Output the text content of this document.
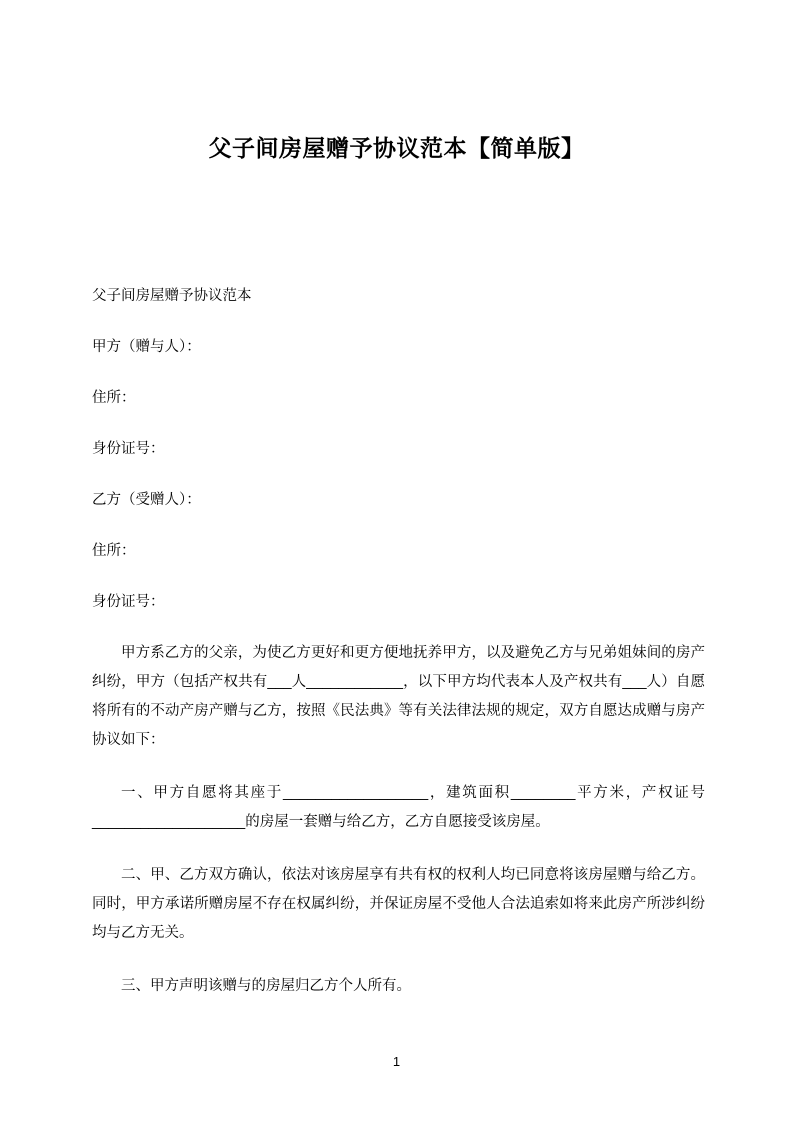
父子间房屋赠予协议范本【简单版】

父子间房屋赠予协议范本

甲方（赠与人）：

住所：

身份证号：

乙方（受赠人）：

住所：

身份证号：

甲方系乙方的父亲，为使乙方更好和更方便地抚养甲方，以及避免乙方与兄弟姐妹间的房产纠纷，甲方（包括产权共有___人____________，以下甲方均代表本人及产权共有___人）自愿将所有的不动产房产赠与乙方，按照《民法典》等有关法律法规的规定，双方自愿达成赠与房产协议如下：

一、甲方自愿将其座于__________________，建筑面积________平方米，产权证号___________________的房屋一套赠与给乙方，乙方自愿接受该房屋。

二、甲、乙方双方确认，依法对该房屋享有共有权的权利人均已同意将该房屋赠与给乙方。同时，甲方承诺所赠房屋不存在权属纠纷，并保证房屋不受他人合法追索如将来此房产所涉纠纷均与乙方无关。

三、甲方声明该赠与的房屋归乙方个人所有。

1
